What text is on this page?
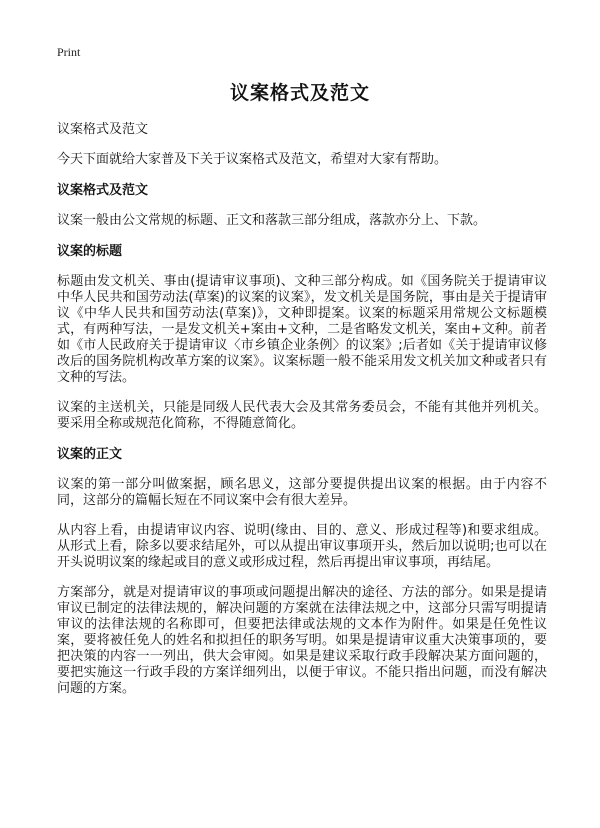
Print
议案格式及范文

议案格式及范文

今天下面就给大家普及下关于议案格式及范文，希望对大家有帮助。

议案格式及范文

议案一般由公文常规的标题、正文和落款三部分组成，落款亦分上、下款。

议案的标题

标题由发文机关、事由(提请审议事项)、文种三部分构成。如《国务院关于提请审议中华人民共和国劳动法(草案)的议案的议案》，发文机关是国务院，事由是关于提请审议《中华人民共和国劳动法(草案)》，文种即提案。议案的标题采用常规公文标题模式，有两种写法，一是发文机关+案由+文种，二是省略发文机关，案由+文种。前者如《市人民政府关于提请审议〈市乡镇企业条例〉的议案》;后者如《关于提请审议修改后的国务院机构改革方案的议案》。议案标题一般不能采用发文机关加文种或者只有文种的写法。

议案的主送机关，只能是同级人民代表大会及其常务委员会，不能有其他并列机关。要采用全称或规范化简称，不得随意简化。

议案的正文

议案的第一部分叫做案据，顾名思义，这部分要提供提出议案的根据。由于内容不同，这部分的篇幅长短在不同议案中会有很大差异。

从内容上看，由提请审议内容、说明(缘由、目的、意义、形成过程等)和要求组成。从形式上看，除多以要求结尾外，可以从提出审议事项开头，然后加以说明;也可以在开头说明议案的缘起或目的意义或形成过程，然后再提出审议事项，再结尾。

方案部分，就是对提请审议的事项或问题提出解决的途径、方法的部分。如果是提请审议已制定的法律法规的，解决问题的方案就在法律法规之中，这部分只需写明提请审议的法律法规的名称即可，但要把法律或法规的文本作为附件。如果是任免性议案，要将被任免人的姓名和拟担任的职务写明。如果是提请审议重大决策事项的，要把决策的内容一一列出，供大会审阅。如果是建议采取行政手段解决某方面问题的，要把实施这一行政手段的方案详细列出，以便于审议。不能只指出问题，而没有解决问题的方案。
